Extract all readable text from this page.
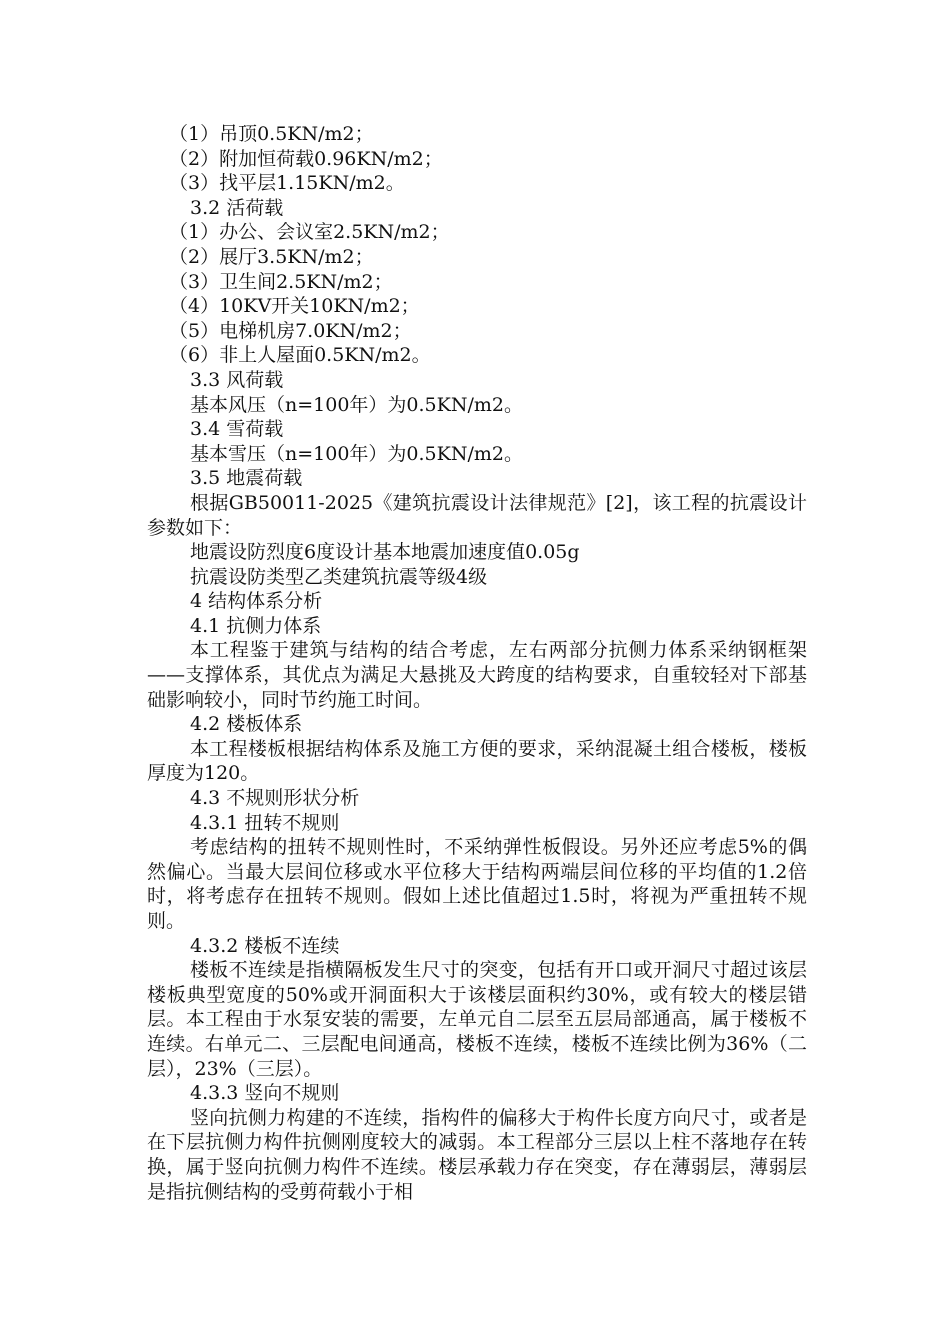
（1）吊顶0.5KN/m2；

（2）附加恒荷载0.96KN/m2；

（3）找平层1.15KN/m2。

3.2 活荷载

（1）办公、会议室2.5KN/m2；

（2）展厅3.5KN/m2；

（3）卫生间2.5KN/m2；

（4）10KV开关10KN/m2；

（5）电梯机房7.0KN/m2；

（6）非上人屋面0.5KN/m2。

3.3 风荷载

基本风压（n=100年）为0.5KN/m2。

3.4 雪荷载

基本雪压（n=100年）为0.5KN/m2。

3.5 地震荷载

根据GB50011-2025《建筑抗震设计法律规范》[2]，该工程的抗震设计参数如下：

地震设防烈度6度设计基本地震加速度值0.05g

抗震设防类型乙类建筑抗震等级4级

4 结构体系分析

4.1 抗侧力体系

本工程鉴于建筑与结构的结合考虑，左右两部分抗侧力体系采纳钢框架——支撑体系，其优点为满足大悬挑及大跨度的结构要求，自重较轻对下部基础影响较小，同时节约施工时间。

4.2 楼板体系

本工程楼板根据结构体系及施工方便的要求，采纳混凝土组合楼板，楼板厚度为120。

4.3 不规则形状分析

4.3.1 扭转不规则

考虑结构的扭转不规则性时，不采纳弹性板假设。另外还应考虑5%的偶然偏心。当最大层间位移或水平位移大于结构两端层间位移的平均值的1.2倍时，将考虑存在扭转不规则。假如上述比值超过1.5时，将视为严重扭转不规则。

4.3.2 楼板不连续

楼板不连续是指横隔板发生尺寸的突变，包括有开口或开洞尺寸超过该层楼板典型宽度的50%或开洞面积大于该楼层面积约30%，或有较大的楼层错层。本工程由于水泵安装的需要，左单元自二层至五层局部通高，属于楼板不连续。右单元二、三层配电间通高，楼板不连续，楼板不连续比例为36%（二层），23%（三层）。

4.3.3 竖向不规则

竖向抗侧力构建的不连续，指构件的偏移大于构件长度方向尺寸，或者是在下层抗侧力构件抗侧刚度较大的减弱。本工程部分三层以上柱不落地存在转换，属于竖向抗侧力构件不连续。楼层承载力存在突变，存在薄弱层，薄弱层是指抗侧结构的受剪荷载小于相
